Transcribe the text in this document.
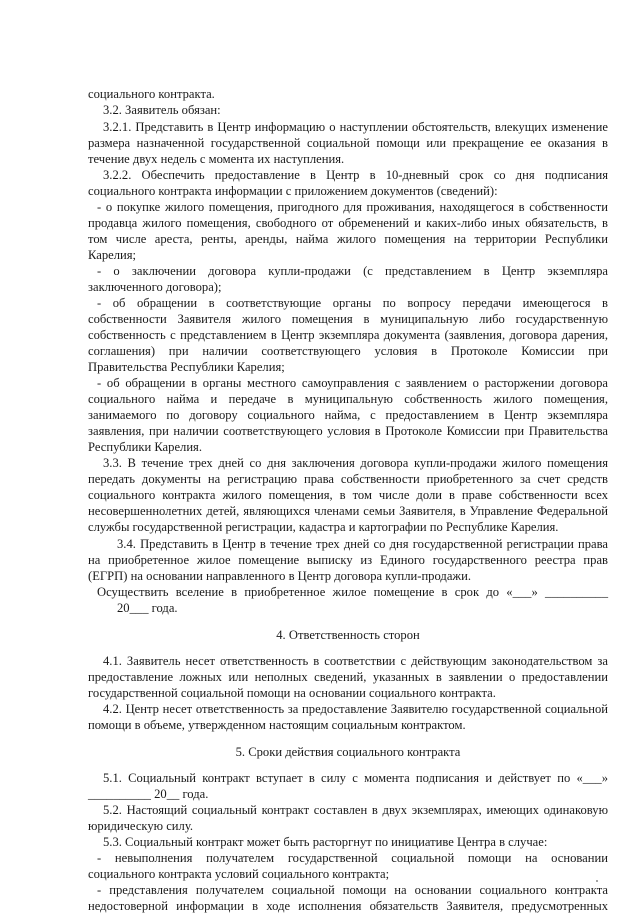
социального контракта.
3.2. Заявитель обязан:
3.2.1. Представить в Центр информацию о наступлении обстоятельств, влекущих изменение
размера назначенной государственной социальной помощи или прекращение ее оказания в
течение двух недель с момента их наступления.
3.2.2. Обеспечить предоставление в Центр в 10-дневный срок со дня подписания
социального контракта информации с приложением документов (сведений):
- о покупке жилого помещения, пригодного для проживания, находящегося в собственности
продавца жилого помещения, свободного от обременений и каких-либо иных обязательств, в
том числе ареста, ренты, аренды, найма жилого помещения на территории Республики
Карелия;
- о заключении договора купли-продажи (с представлением в Центр экземпляра
заключенного договора);
- об обращении в соответствующие органы по вопросу передачи имеющегося в
собственности Заявителя жилого помещения в муниципальную либо государственную
собственность с представлением в Центр экземпляра документа (заявления, договора дарения,
соглашения) при наличии соответствующего условия в Протоколе Комиссии при
Правительства Республики Карелия;
- об обращении в органы местного самоуправления с заявлением о расторжении договора
социального найма и передаче в муниципальную собственность жилого помещения,
занимаемого по договору социального найма, с предоставлением в Центр экземпляра
заявления, при наличии соответствующего условия в Протоколе Комиссии при Правительства
Республики Карелия.
3.3. В течение трех дней со дня заключения договора купли-продажи жилого помещения
передать документы на регистрацию права собственности приобретенного за счет средств
социального контракта жилого помещения, в том числе доли в праве собственности всех
несовершеннолетних детей, являющихся членами семьи Заявителя, в Управление Федеральной
службы государственной регистрации, кадастра и картографии по Республике Карелия.
3.4. Представить в Центр в течение трех дней со дня государственной регистрации права
на приобретенное жилое помещение выписку из Единого государственного реестра прав
(ЕГРП) на основании направленного в Центр договора купли-продажи.
Осуществить вселение в приобретенное жилое помещение в срок до «___» __________
20___ года.
4. Ответственность сторон
4.1. Заявитель несет ответственность в соответствии с действующим законодательством за
предоставление ложных или неполных сведений, указанных в заявлении о предоставлении
государственной социальной помощи на основании социального контракта.
4.2. Центр несет ответственность за предоставление Заявителю государственной социальной
помощи в объеме, утвержденном настоящим социальным контрактом.
5. Сроки действия социального контракта
5.1. Социальный контракт вступает в силу с момента подписания и действует по «___»
__________ 20__ года.
5.2. Настоящий социальный контракт составлен в двух экземплярах, имеющих одинаковую
юридическую силу.
5.3. Социальный контракт может быть расторгнут по инициативе Центра в случае:
- невыполнения получателем государственной социальной помощи на основании
социального контракта условий социального контракта;
- представления получателем социальной помощи на основании социального контракта
недостоверной информации в ходе исполнения обязательств Заявителя, предусмотренных
